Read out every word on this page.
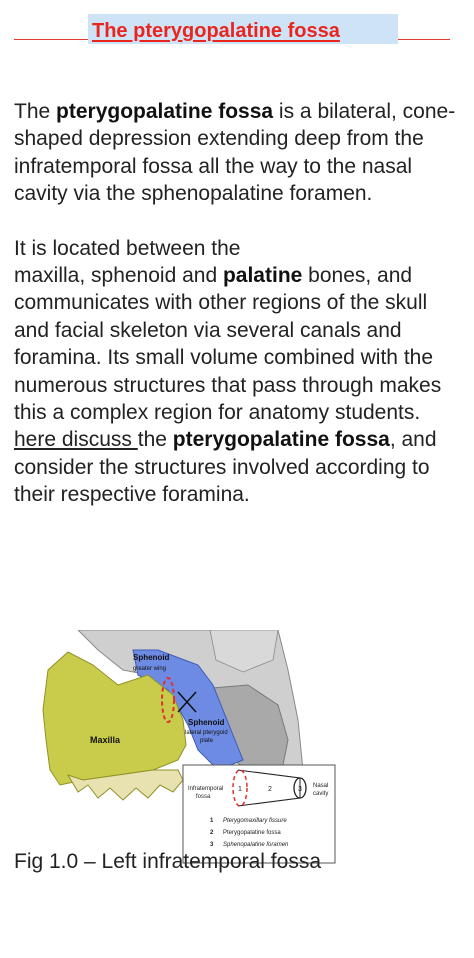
The pterygopalatine fossa

The pterygopalatine fossa is a bilateral, cone-shaped depression extending deep from the infratemporal fossa all the way to the nasal cavity via the sphenopalatine foramen.

It is located between the
maxilla, sphenoid and palatine bones, and communicates with other regions of the skull and facial skeleton via several canals and foramina. Its small volume combined with the numerous structures that pass through makes this a complex region for anatomy students. here discuss the pterygopalatine fossa, and consider the structures involved according to their respective foramina.

Sphenoid
greater wing
Maxilla
Sphenoid
lateral pterygoid
plate
Infratemporal
fossa
1	2	3 Nasal
cavity
1 Pterygomaxillary fissure
2 Pterygopalatine fossa
3 Sphenopalatine foramen
Fig 1.0 – Left infratemporal fossa
